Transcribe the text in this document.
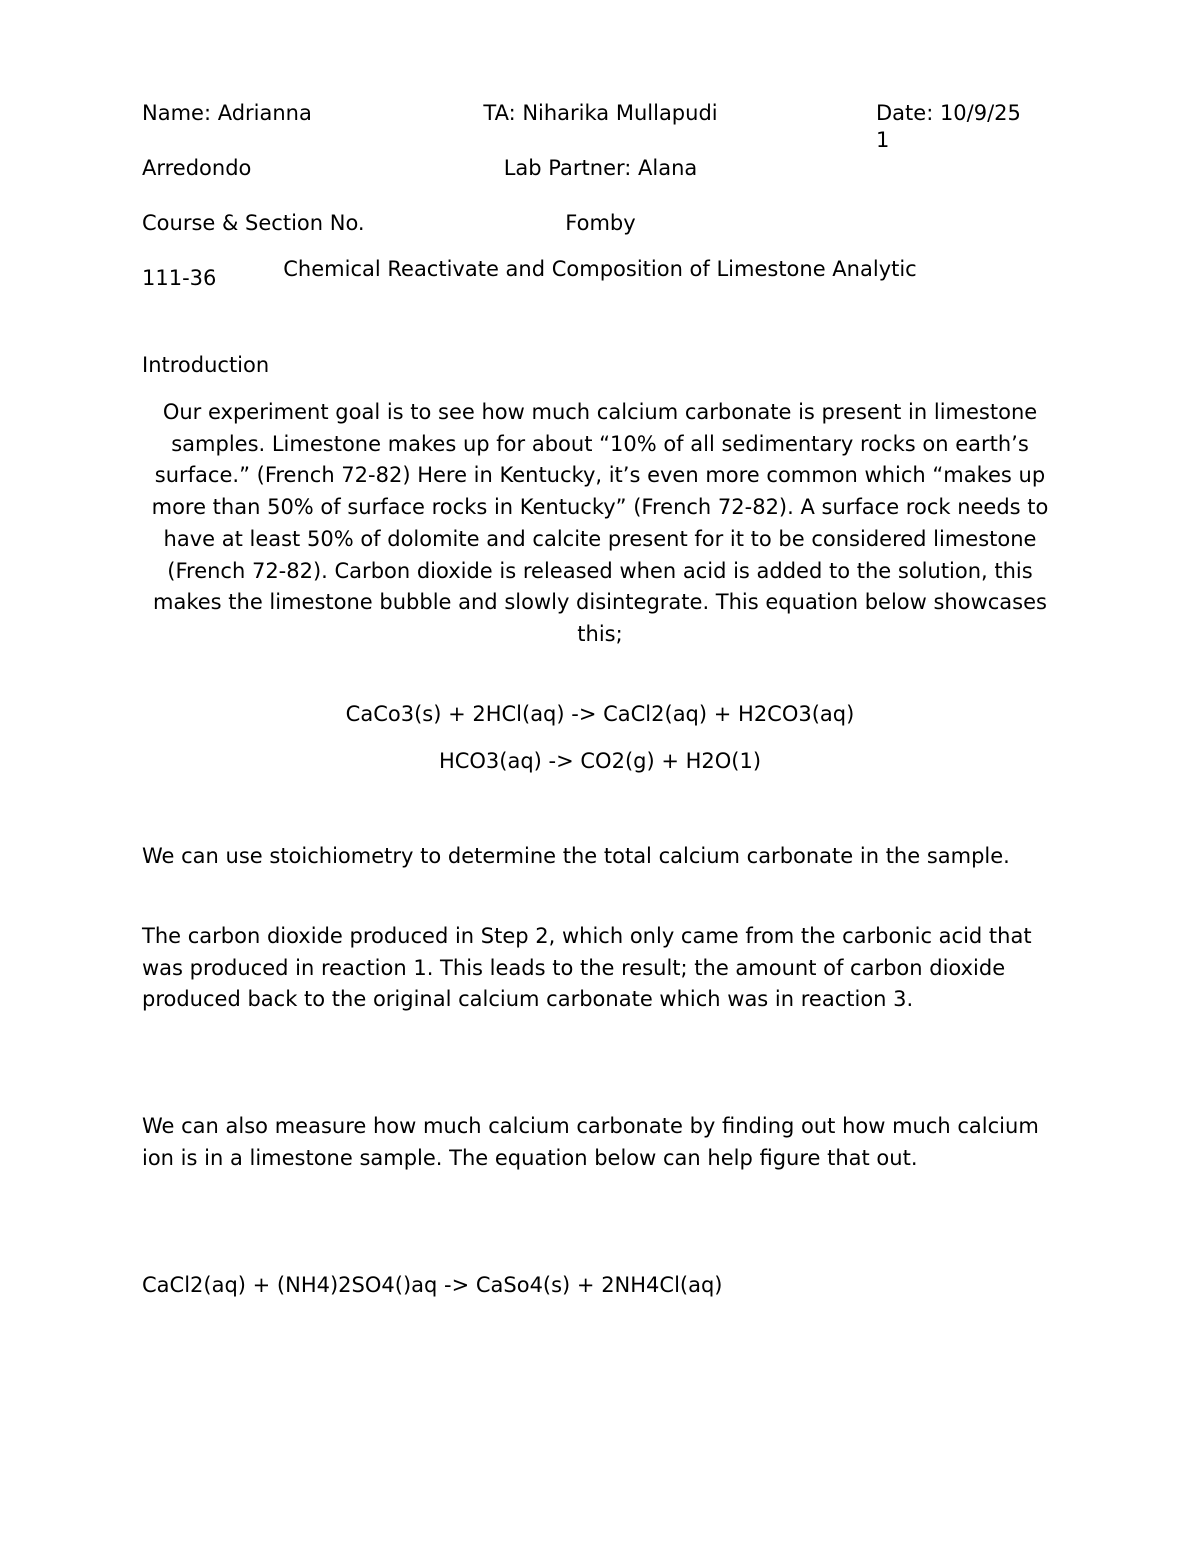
Name: Adrianna

Arredondo

Course & Section No.

111-36

TA: Niharika Mullapudi

Lab Partner: Alana

Fomby

Date: 10/9/25
1

Chemical Reactivate and Composition of Limestone Analytic
Introduction

Our experiment goal is to see how much calcium carbonate is present in limestone samples. Limestone makes up for about “10% of all sedimentary rocks on earth’s surface.” (French 72-82) Here in Kentucky, it’s even more common which “makes up more than 50% of surface rocks in Kentucky” (French 72-82). A surface rock needs to have at least 50% of dolomite and calcite present for it to be considered limestone (French 72-82). Carbon dioxide is released when acid is added to the solution, this makes the limestone bubble and slowly disintegrate. This equation below showcases this;

CaCo3(s) + 2HCl(aq) -> CaCl2(aq) + H2CO3(aq)
HCO3(aq) -> CO2(g) + H2O(1)

We can use stoichiometry to determine the total calcium carbonate in the sample.

The carbon dioxide produced in Step 2, which only came from the carbonic acid that was produced in reaction 1. This leads to the result; the amount of carbon dioxide produced back to the original calcium carbonate which was in reaction 3.

We can also measure how much calcium carbonate by finding out how much calcium ion is in a limestone sample. The equation below can help figure that out.

CaCl2(aq) + (NH4)2SO4()aq -> CaSo4(s) + 2NH4Cl(aq)
